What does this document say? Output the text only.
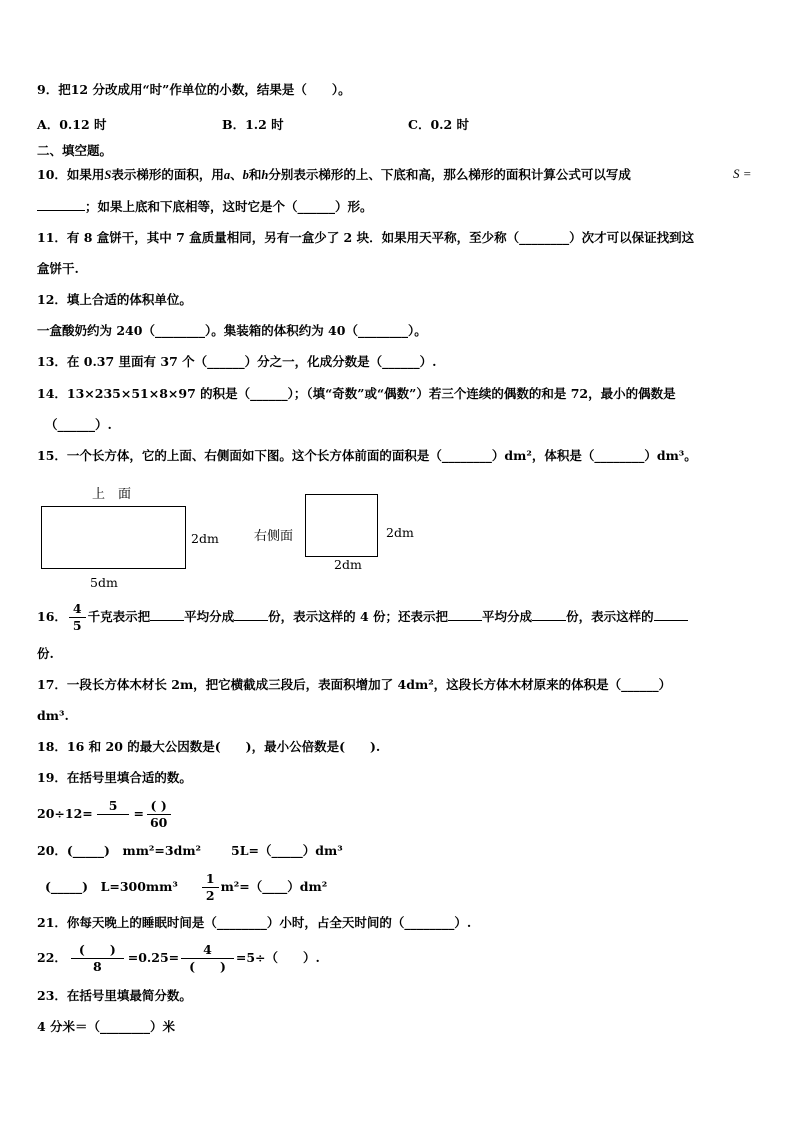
9．把12 分改成用“时”作单位的小数，结果是（　　）。
A．0.12 时	B．1.2 时	C．0.2 时
二、填空题。
10．如果用S表示梯形的面积，用a、b和h分别表示梯形的上、下底和高，那么梯形的面积计算公式可以写成	S =
；如果上底和下底相等，这时它是个（______）形。
11．有 8 盒饼干，其中 7 盒质量相同，另有一盒少了 2 块．如果用天平称，至少称（________）次才可以保证找到这
盒饼干.
12．填上合适的体积单位。
一盒酸奶约为 240（________）。集装箱的体积约为 40（________）。
13．在 0.37 里面有 37 个（______）分之一，化成分数是（______）.
14．13×235×51×8×97 的积是（______）；（填“奇数”或“偶数”）若三个连续的偶数的和是 72，最小的偶数是
（______）.
15．一个长方体，它的上面、右侧面如下图。这个长方体前面的面积是（________）dm²，体积是（________）dm³。
上　面
2dm
5dm
右侧面	2dm
2dm
16． $\frac{4}{5}$ 千克表示把	平均分成	份，表示这样的 4 份；还表示把	平均分成	份，表示这样的
份.
17．一段长方体木材长 2m，把它横截成三段后，表面积增加了 4dm²，这段长方体木材原来的体积是（______）
dm³.
18．16 和 20 的最大公因数是(　　)，最小公倍数是(　　).
19．在括号里填合适的数。
20÷12=
5
= $\frac{( )}{60}$
20．(_____)　mm²=3dm² 5L=（_____）dm³
(_____)　$L=300mm^3 \frac{1}{2}$ m²=（____）dm²
21．你每天晚上的睡眠时间是（________）小时，占全天时间的（________）.
22． $\frac{( )}{8} =0.25= \frac{4}{( )} =5\div$（　　）.
23．在括号里填最简分数。
4 分米＝（________）米
